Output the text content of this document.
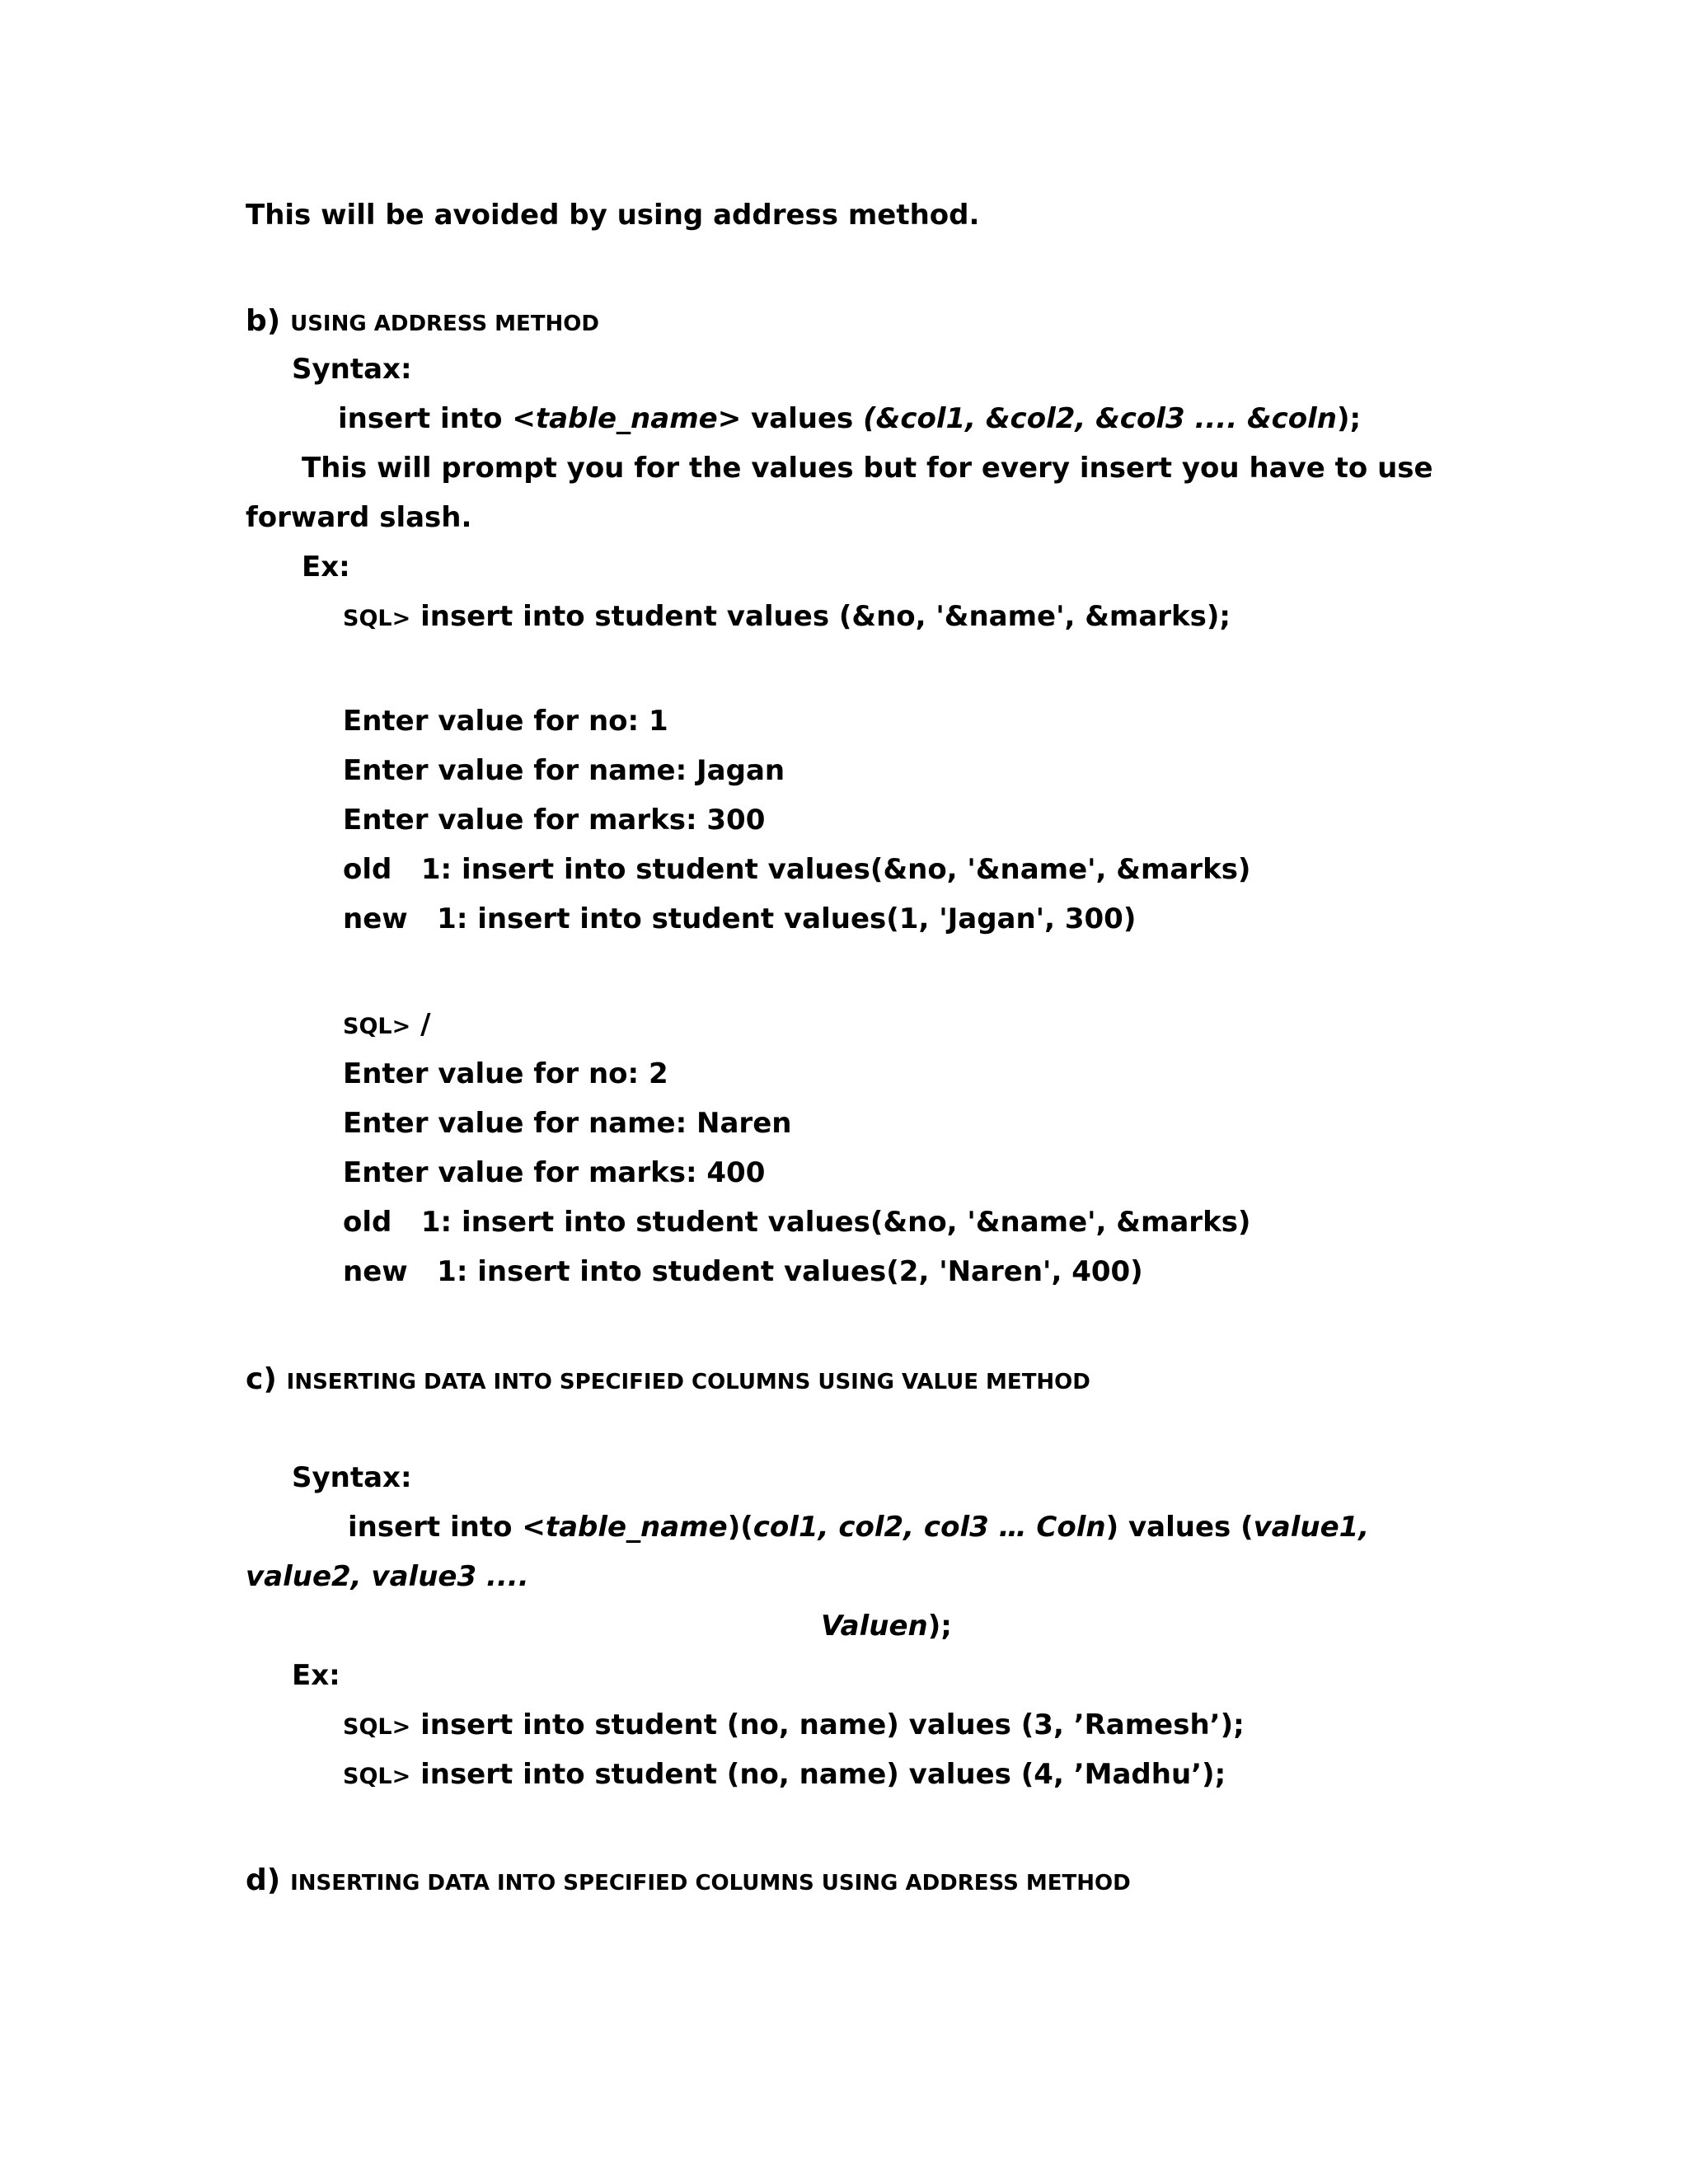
This will be avoided by using address method.
b) USING ADDRESS METHOD
Syntax:
insert into <table_name> values (&col1, &col2, &col3 .... &coln);
This will prompt you for the values but for every insert you have to use
forward slash.
Ex:
SQL> insert into student values (&no, '&name', &marks);
Enter value for no: 1
Enter value for name: Jagan
Enter value for marks: 300
old   1: insert into student values(&no, '&name', &marks)
new   1: insert into student values(1, 'Jagan', 300)
SQL> /
Enter value for no: 2
Enter value for name: Naren
Enter value for marks: 400
old   1: insert into student values(&no, '&name', &marks)
new   1: insert into student values(2, 'Naren', 400)
c) INSERTING DATA INTO SPECIFIED COLUMNS USING VALUE METHOD
Syntax:
insert into <table_name)(col1, col2, col3 … Coln) values (value1,
value2, value3 ....
Valuen);
Ex:
SQL> insert into student (no, name) values (3, ’Ramesh’);
SQL> insert into student (no, name) values (4, ’Madhu’);
d) INSERTING DATA INTO SPECIFIED COLUMNS USING ADDRESS METHOD
